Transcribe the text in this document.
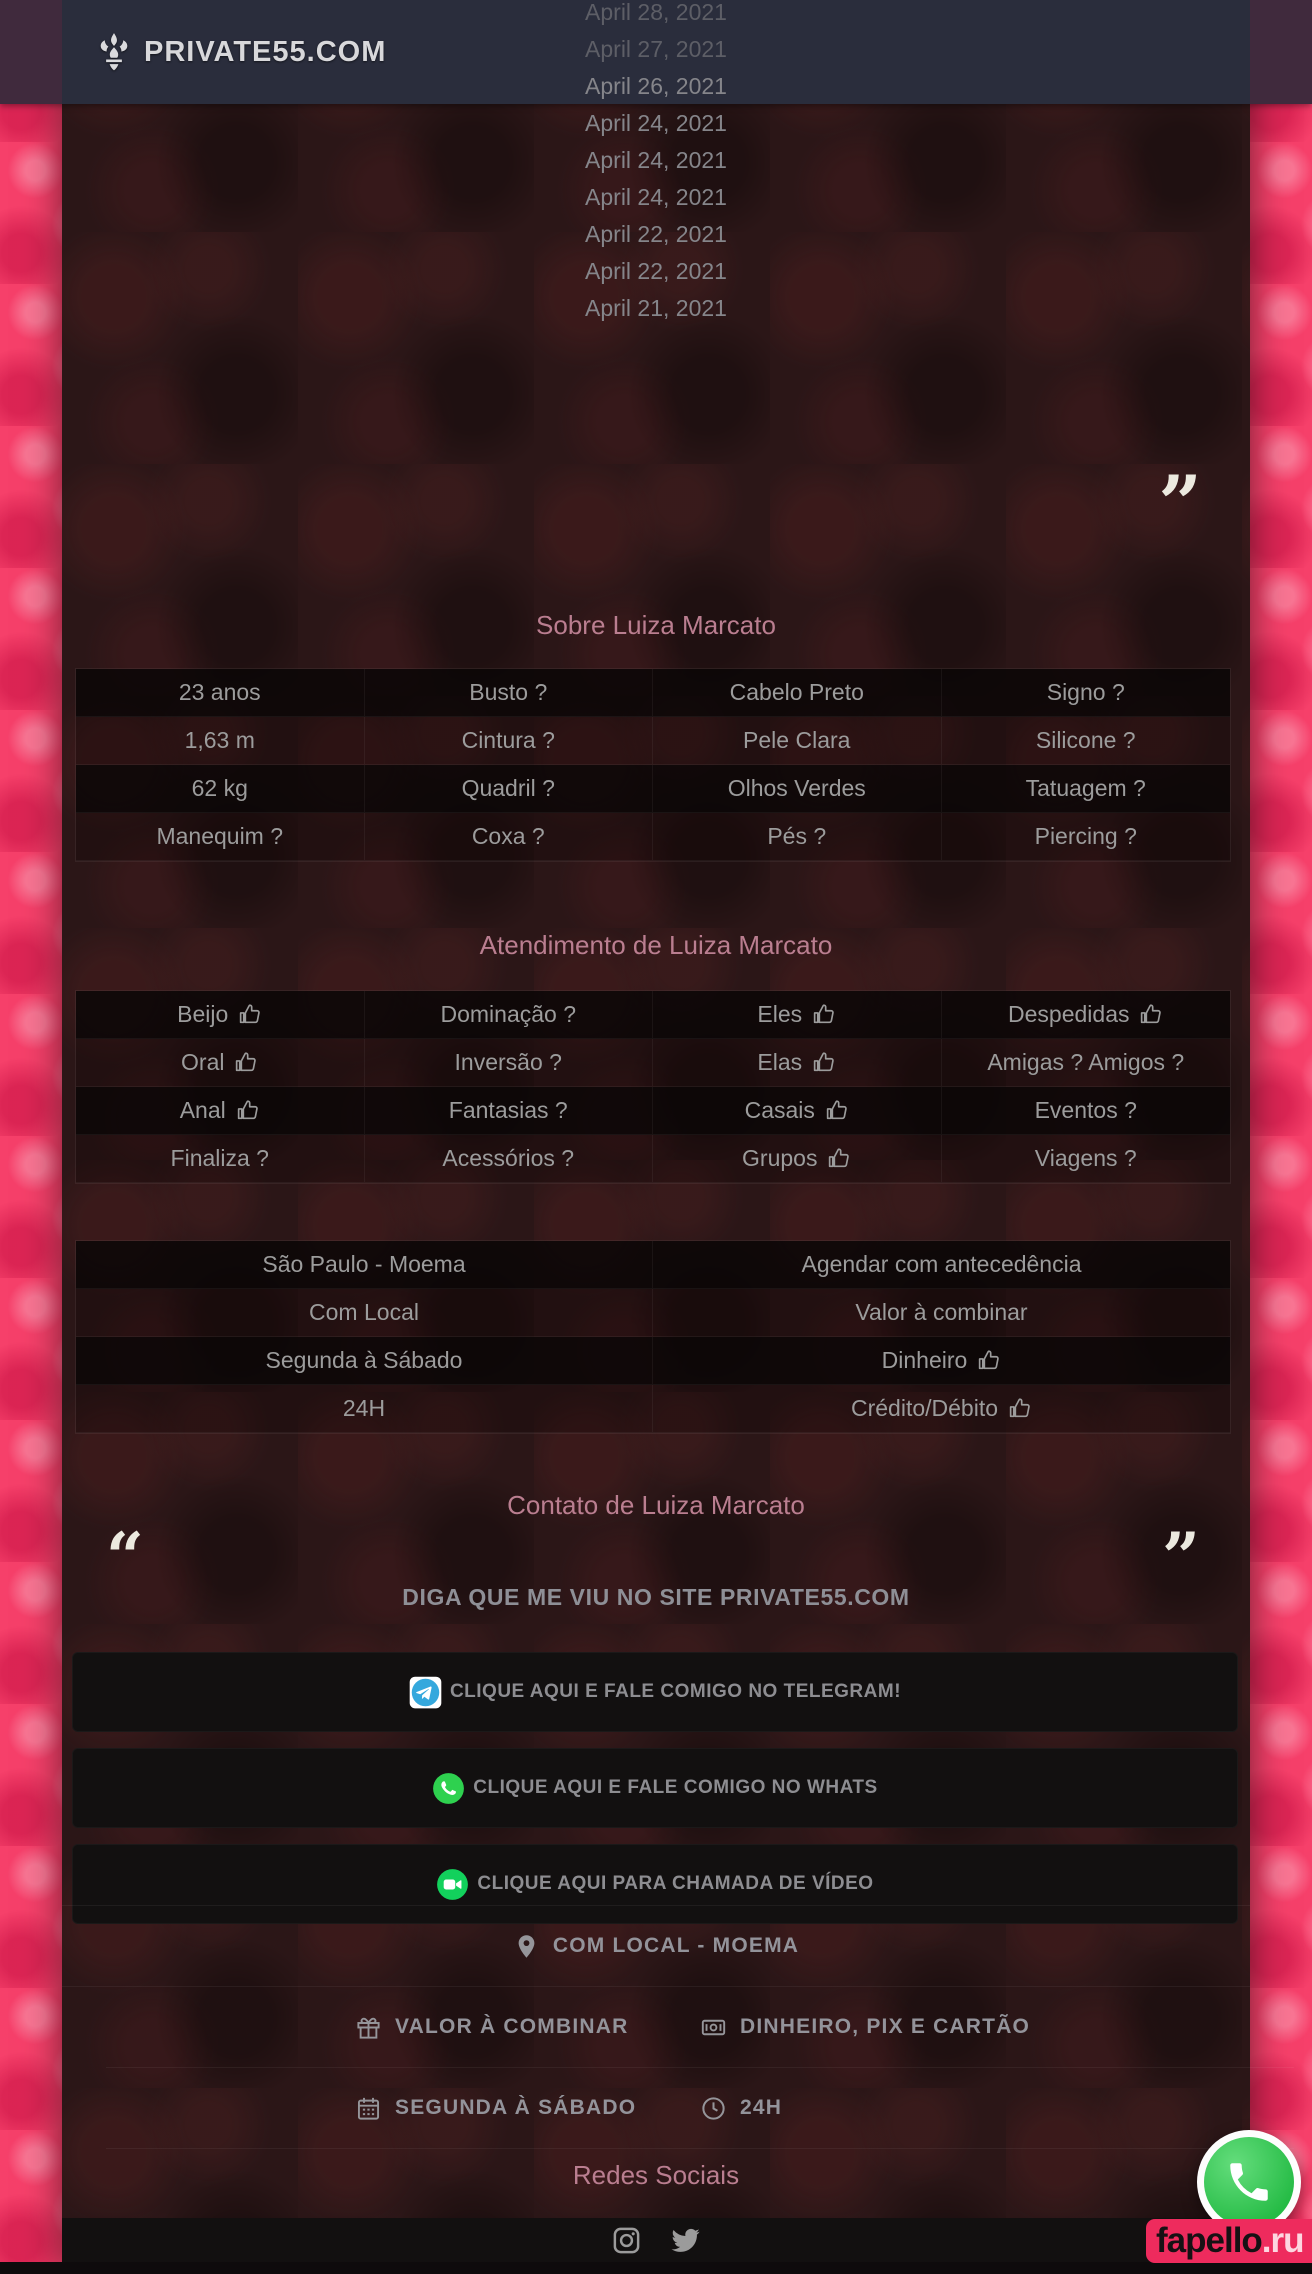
April 28, 2021
April 27, 2021
April 26, 2021
April 24, 2021
April 24, 2021
April 24, 2021
April 22, 2021
April 22, 2021
April 21, 2021
”
Sobre Luiza Marcato
23 anos	Busto ?	Cabelo Preto	Signo ?
1,63 m	Cintura ?	Pele Clara	Silicone ?
62 kg	Quadril ?	Olhos Verdes	Tatuagem ?
Manequim ?	Coxa ?	Pés ?	Piercing ?
Atendimento de Luiza Marcato
Beijo	Dominação ?	Eles	Despedidas
Oral	Inversão ?	Elas	Amigas ? Amigos ?
Anal	Fantasias ?	Casais	Eventos ?
Finaliza ?	Acessórios ?	Grupos	Viagens ?
São Paulo - Moema	Agendar com antecedência
Com Local	Valor à combinar
Segunda à Sábado	Dinheiro
24H	Crédito/Débito
Contato de Luiza Marcato
“	”
DIGA QUE ME VIU NO SITE PRIVATE55.COM
CLIQUE AQUI E FALE COMIGO NO TELEGRAM!
CLIQUE AQUI E FALE COMIGO NO WHATS
CLIQUE AQUI PARA CHAMADA DE VÍDEO
COM LOCAL - MOEMA
VALOR À COMBINAR	DINHEIRO, PIX E CARTÃO
SEGUNDA À SÁBADO	24H
Redes Sociais
PRIVATE55.COM
fapello .ru
